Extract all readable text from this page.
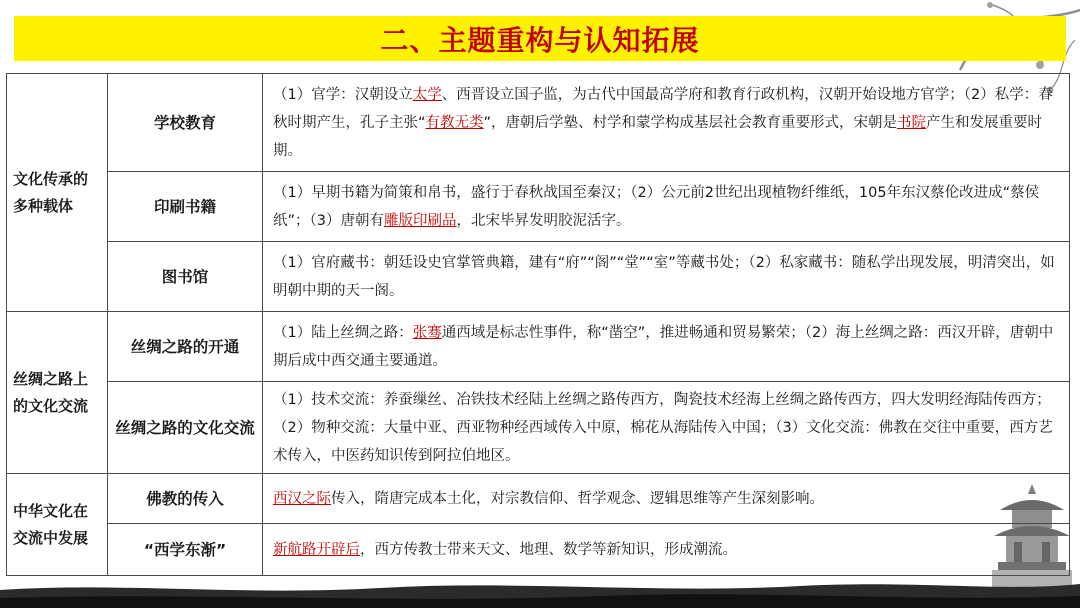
二、主题重构与认知拓展
文化传承的多种载体	学校教育	（1）官学：汉朝设立太学、西晋设立国子监，为古代中国最高学府和教育行政机构，汉朝开始设地方官学；（2）私学：春秋时期产生，孔子主张“有教无类”，唐朝后学塾、村学和蒙学构成基层社会教育重要形式，宋朝是书院产生和发展重要时期。
	印刷书籍	（1）早期书籍为简策和帛书，盛行于春秋战国至秦汉；（2）公元前2世纪出现植物纤维纸，105年东汉蔡伦改进成“蔡侯纸”；（3）唐朝有雕版印刷品，北宋毕昇发明胶泥活字。
	图书馆	（1）官府藏书：朝廷设史官掌管典籍，建有“府”“阁”“堂”“室”等藏书处；（2）私家藏书：随私学出现发展，明清突出，如明朝中期的天一阁。
丝绸之路上的文化交流	丝绸之路的开通	（1）陆上丝绸之路：张骞通西域是标志性事件，称“凿空”，推进畅通和贸易繁荣；（2）海上丝绸之路：西汉开辟，唐朝中期后成中西交通主要通道。
	丝绸之路的文化交流	（1）技术交流：养蚕缫丝、冶铁技术经陆上丝绸之路传西方，陶瓷技术经海上丝绸之路传西方，四大发明经海陆传西方；（2）物种交流：大量中亚、西亚物种经西域传入中原，棉花从海陆传入中国；（3）文化交流：佛教在交往中重要，西方艺术传入，中医药知识传到阿拉伯地区。
中华文化在交流中发展	佛教的传入	西汉之际传入，隋唐完成本土化，对宗教信仰、哲学观念、逻辑思维等产生深刻影响。
	“西学东渐”	新航路开辟后，西方传教士带来天文、地理、数学等新知识，形成潮流。
